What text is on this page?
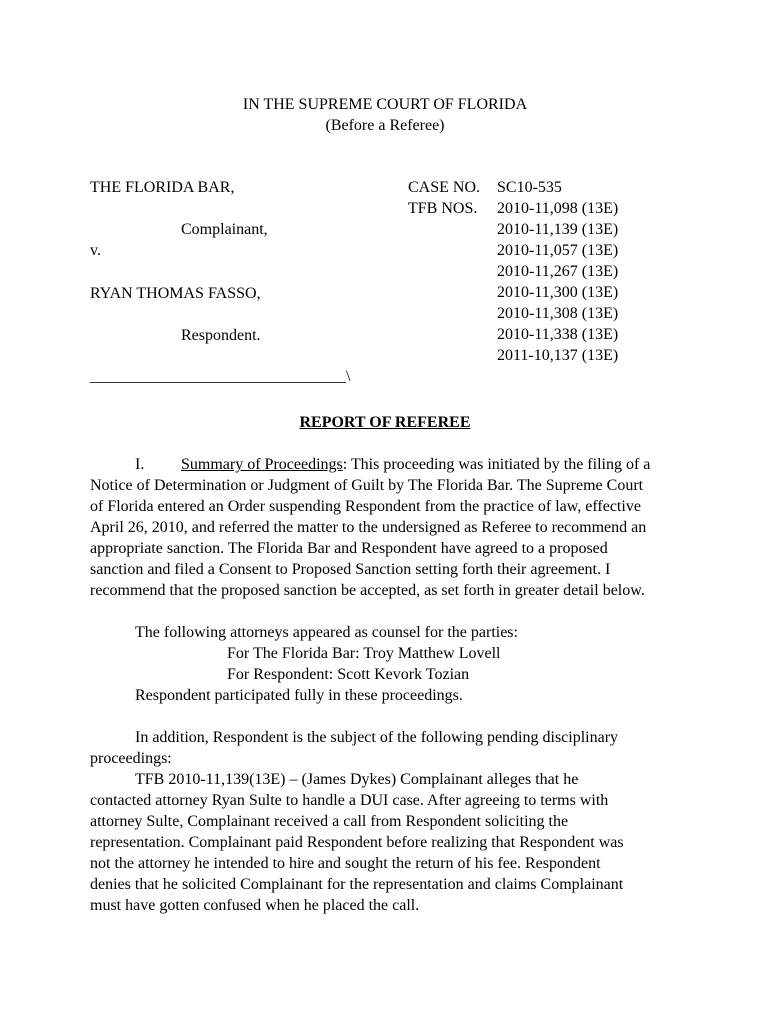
IN THE SUPREME COURT OF FLORIDA
(Before a Referee)
THE FLORIDA BAR,
Complainant,
v.
RYAN THOMAS FASSO,
Respondent.
________________________________\
CASE NO. SC10-535
TFB NOS. 2010-11,098 (13E)
2010-11,139 (13E)
2010-11,057 (13E)
2010-11,267 (13E)
2010-11,300 (13E)
2010-11,308 (13E)
2010-11,338 (13E)
2011-10,137 (13E)
REPORT OF REFEREE
I. Summary of Proceedings: This proceeding was initiated by the filing of a
Notice of Determination or Judgment of Guilt by The Florida Bar. The Supreme Court
of Florida entered an Order suspending Respondent from the practice of law, effective
April 26, 2010, and referred the matter to the undersigned as Referee to recommend an
appropriate sanction. The Florida Bar and Respondent have agreed to a proposed
sanction and filed a Consent to Proposed Sanction setting forth their agreement. I
recommend that the proposed sanction be accepted, as set forth in greater detail below.
The following attorneys appeared as counsel for the parties:
For The Florida Bar: Troy Matthew Lovell
For Respondent: Scott Kevork Tozian
Respondent participated fully in these proceedings.
In addition, Respondent is the subject of the following pending disciplinary
proceedings:
TFB 2010-11,139(13E) – (James Dykes) Complainant alleges that he
contacted attorney Ryan Sulte to handle a DUI case. After agreeing to terms with
attorney Sulte, Complainant received a call from Respondent soliciting the
representation. Complainant paid Respondent before realizing that Respondent was
not the attorney he intended to hire and sought the return of his fee. Respondent
denies that he solicited Complainant for the representation and claims Complainant
must have gotten confused when he placed the call.
